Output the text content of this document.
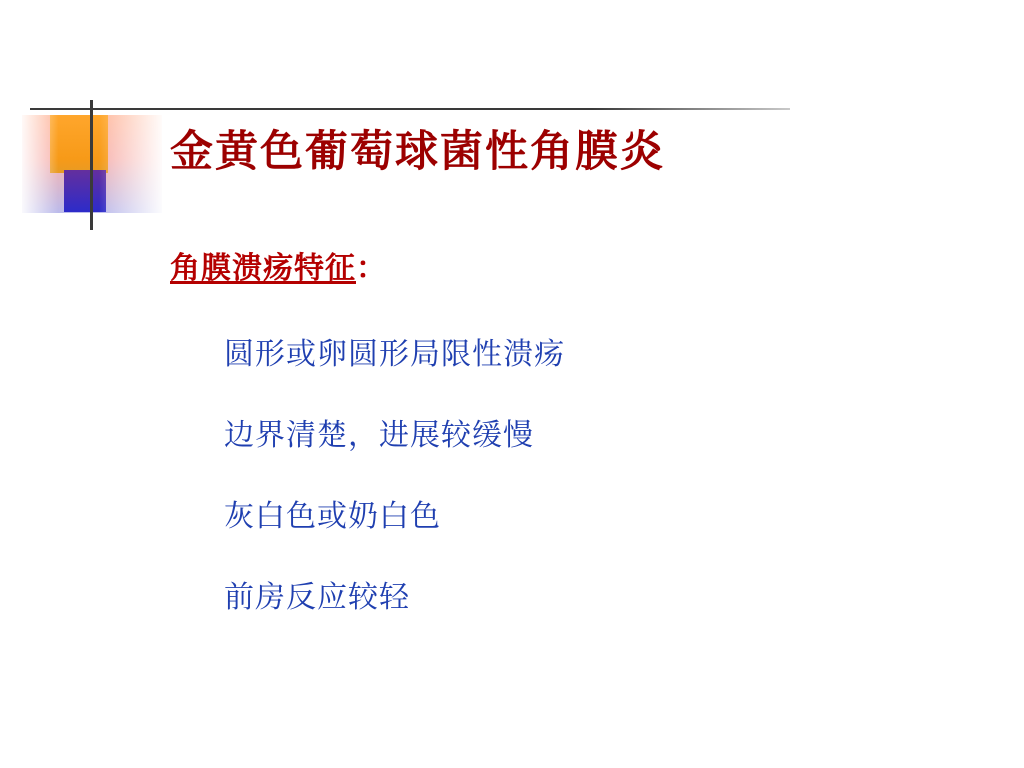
金黄色葡萄球菌性角膜炎
角膜溃疡特征：
圆形或卵圆形局限性溃疡
边界清楚，进展较缓慢
灰白色或奶白色
前房反应较轻
